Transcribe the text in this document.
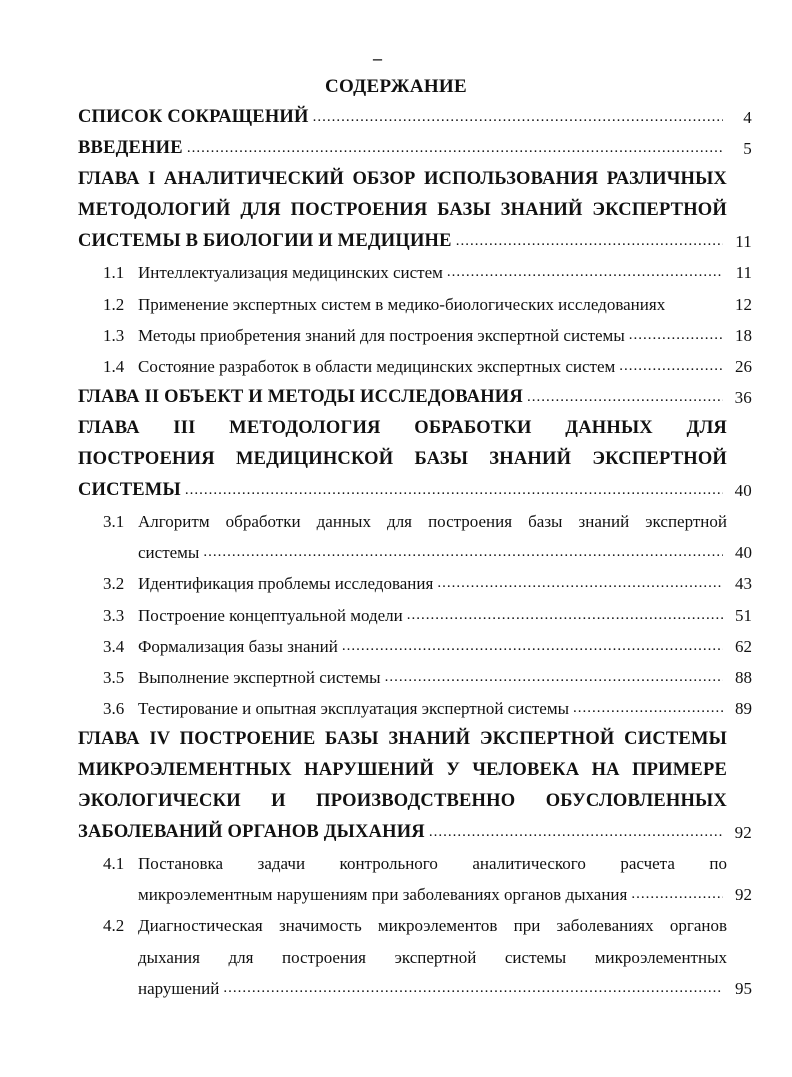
–
СОДЕРЖАНИЕ
СПИСОК СОКРАЩЕНИЙ .....	4
ВВЕДЕНИЕ .....	5
ГЛАВА I АНАЛИТИЧЕСКИЙ ОБЗОР ИСПОЛЬЗОВАНИЯ РАЗЛИЧНЫХ
МЕТОДОЛОГИЙ ДЛЯ ПОСТРОЕНИЯ БАЗЫ ЗНАНИЙ ЭКСПЕРТНОЙ
СИСТЕМЫ В БИОЛОГИИ И МЕДИЦИНЕ .....	11
1.1 Интеллектуализация медицинских систем .....	11
1.2 Применение экспертных систем в медико-биологических исследованиях	12
1.3 Методы приобретения знаний для построения экспертной системы .....	18
1.4 Состояние разработок в области медицинских экспертных систем .....	26
ГЛАВА II ОБЪЕКТ И МЕТОДЫ ИССЛЕДОВАНИЯ .....	36
ГЛАВА III МЕТОДОЛОГИЯ ОБРАБОТКИ ДАННЫХ ДЛЯ
ПОСТРОЕНИЯ МЕДИЦИНСКОЙ БАЗЫ ЗНАНИЙ ЭКСПЕРТНОЙ
СИСТЕМЫ .....	40
3.1 Алгоритм обработки данных для построения базы знаний экспертной
системы .....	40
3.2 Идентификация проблемы исследования .....	43
3.3 Построение концептуальной модели .....	51
3.4 Формализация базы знаний .....	62
3.5 Выполнение экспертной системы .....	88
3.6 Тестирование и опытная эксплуатация экспертной системы .....	89
ГЛАВА IV ПОСТРОЕНИЕ БАЗЫ ЗНАНИЙ ЭКСПЕРТНОЙ СИСТЕМЫ
МИКРОЭЛЕМЕНТНЫХ НАРУШЕНИЙ У ЧЕЛОВЕКА НА ПРИМЕРЕ
ЭКОЛОГИЧЕСКИ И ПРОИЗВОДСТВЕННО ОБУСЛОВЛЕННЫХ
ЗАБОЛЕВАНИЙ ОРГАНОВ ДЫХАНИЯ .....	92
4.1 Постановка задачи контрольного аналитического расчета по
микроэлементным нарушениям при заболеваниях органов дыхания .....	92
4.2 Диагностическая значимость микроэлементов при заболеваниях органов
дыхания для построения экспертной системы микроэлементных
нарушений .....	95
